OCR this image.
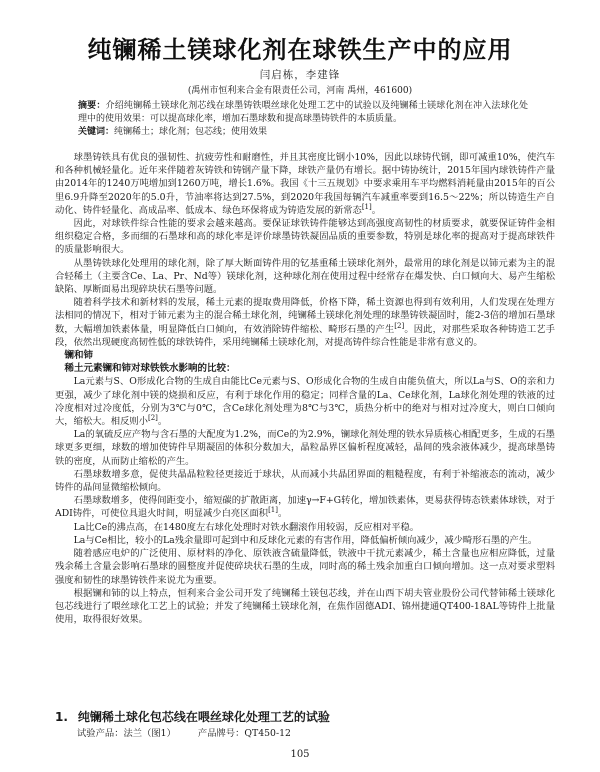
纯镧稀土镁球化剂在球铁生产中的应用
闫启栋，李建锋
(禹州市恒利来合金有限责任公司，河南 禹州，461600)
摘要：介绍纯镧稀土镁球化剂芯线在球墨铸铁喂丝球化处理工艺中的试验以及纯镧稀土镁球化剂在冲入法球化处理中的使用效果：可以提高球化率，增加石墨球数和提高球墨铸铁件的本质质量。
关键词：纯镧稀土；球化剂；包芯线；使用效果

球墨铸铁具有优良的强韧性、抗疲劳性和耐磨性，并且其密度比钢小10%，因此以球铸代钢，即可减重10%，使汽车和各种机械轻量化。近年来伴随着灰铸铁和铸钢产量下降，球铁产量仍有增长。据中铸协统计，2015年国内球铁铸件产量由2014年的1240万吨增加到1260万吨，增长1.6%。我国《十三五规划》中要求乘用车平均燃料消耗量由2015年的百公里6.9升降至2020年的5.0升，节油率将达到27.5%，到2020年我国每辆汽车减重率要到16.5～22%；所以铸造生产自动化、铸件轻量化、高成品率、低成本、绿色环保将成为铸造发展的新常态[1]。

因此，对球铁件综合性能的要求会越来越高。要保证球铁铸件能够达到高强度高韧性的材质要求，就要保证铸件金相组织稳定合格，多而细的石墨球和高的球化率是评价球墨铸铁凝固品质的重要参数，特别是球化率的提高对于提高球铁件的质量影响很大。

从墨铸铁球化处理用的球化剂，除了厚大断面铸件用的钇基重稀土镁球化剂外，最常用的球化剂是以铈元素为主的混合轻稀土（主要含Ce、La、Pr、Nd等）镁球化剂，这种球化剂在使用过程中经常存在爆发快、白口倾向大、易产生缩松缺陷、厚断面易出现碎块状石墨等问题。

随着科学技术和新材料的发展，稀土元素的提取费用降低，价格下降，稀土资源也得到有效利用，人们发现在处理方法相同的情况下，相对于铈元素为主的混合稀土球化剂，纯镧稀土镁球化剂处理的球墨铸铁凝固时，能2-3倍的增加石墨球数，大幅增加铁素体量，明显降低白口倾向，有效消除铸件缩松、畸形石墨的产生[2]。因此，对那些采取各种铸造工艺手段，依然出现硬度高韧性低的球铁铸件，采用纯镧稀土镁球化剂，对提高铸件综合性能是非常有意义的。

镧和铈
稀土元素镧和铈对球铁铁水影响的比较：

La元素与S、O形成化合物的生成自由能比Ce元素与S、O形成化合物的生成自由能负值大，所以La与S、O的亲和力更强，减少了球化剂中镁的烧损和反应，有利于球化作用的稳定；同样含量的La、Ce球化剂，La球化剂处理的铁液的过冷度相对过冷度低，分别为3℃与0℃，含Ce球化剂处理为8℃与3℃，质热分析中的绝对与相对过冷度大，则白口倾向大，缩松大。相反则小[2]。

La的氧硫反应产物与含石墨的大配度为1.2%，而Ce的为2.9%，镧球化剂处理的铁水异质核心相配更多，生成的石墨球更多更细，球数的增加使铸件早期凝固的体积分数加大，晶粒晶界区偏析程度减轻，晶间的残余液体减少，提高球墨铸铁的密度，从而防止缩松的产生。

石墨球数增多意，促使共晶晶粒粒径更接近于球状，从而减小共晶团界面的粗糙程度，有利于补缩液态的流动，减少铸件的晶间显微缩松倾向。

石墨球数增多，使得间距变小，缩短碳的扩散距离，加速γ→F+G转化，增加铁素体，更易获得铸态铁素体球铁，对于ADI铸件，可使位具退火时间，明显减少白亮区面积[1]。

La比Ce的沸点高，在1480度左右球化处理时对铁水翻滚作用较弱，反应相对平稳。

La与Ce相比，较小的La残余量即可起到中和反球化元素的有害作用，降低偏析倾向减少，减少畸形石墨的产生。

随着感应电炉的广泛使用、原材料的净化、原铁液含硫量降低，铁液中干扰元素减少，稀土含量也应相应降低，过量残余稀土含量会影响石墨球的圆整度并促使碎块状石墨的生成，同时高的稀土残余加重白口倾向增加。这一点对要求塑料强度和韧性的球墨铸铁件来说尤为重要。

根据镧和铈的以上特点，恒利来合金公司开发了纯镧稀土镁包芯线，并在山西下胡夫管业股份公司代替铈稀土镁球化包芯线进行了喂丝球化工艺上的试验；并发了纯镧稀土镁球化剂，在焦作固德ADI、锦州捷通QT400-18AL等铸件上批量使用，取得很好效果。

1. 纯镧稀土球化包芯线在喂丝球化处理工艺的试验
试验产品：法兰（图1） 产品牌号：QT450-12
105
